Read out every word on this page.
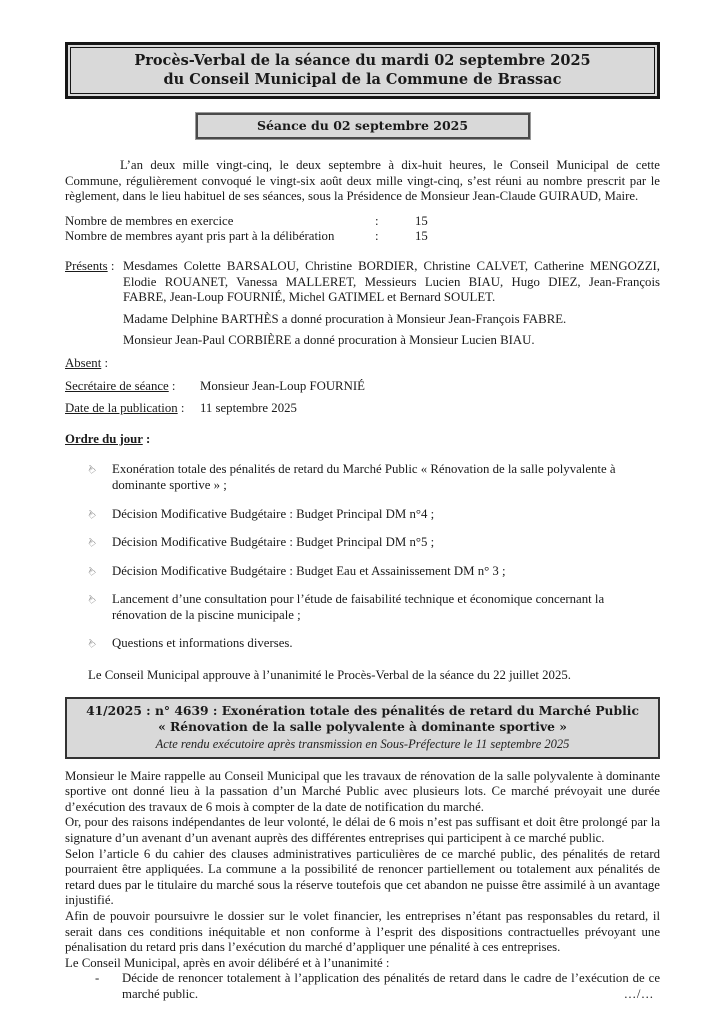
Procès-Verbal de la séance du mardi 02 septembre 2025
du Conseil Municipal de la Commune de Brassac
Séance du 02 septembre 2025

L’an deux mille vingt-cinq, le deux septembre à dix-huit heures, le Conseil Municipal de cette Commune, régulièrement convoqué le vingt-six août deux mille vingt-cinq, s’est réuni au nombre prescrit par le règlement, dans le lieu habituel de ses séances, sous la Présidence de Monsieur Jean-Claude GUIRAUD, Maire.

Nombre de membres en exercice	:	15
Nombre de membres ayant pris part à la délibération	:	15
Présents : Mesdames Colette BARSALOU, Christine BORDIER, Christine CALVET, Catherine MENGOZZI, Elodie ROUANET, Vanessa MALLERET, Messieurs Lucien BIAU, Hugo DIEZ, Jean-François FABRE, Jean-Loup FOURNIÉ, Michel GATIMEL et Bernard SOULET.
Madame Delphine BARTHÈS a donné procuration à Monsieur Jean-François FABRE.
Monsieur Jean-Paul CORBIÈRE a donné procuration à Monsieur Lucien BIAU.
Absent :
Secrétaire de séance :	Monsieur Jean-Loup FOURNIÉ
Date de la publication :	11 septembre 2025
Ordre du jour :
☝	Exonération totale des pénalités de retard du Marché Public « Rénovation de la salle polyvalente à dominante sportive » ;
☝	Décision Modificative Budgétaire : Budget Principal DM n°4 ;
☝	Décision Modificative Budgétaire : Budget Principal DM n°5 ;
☝	Décision Modificative Budgétaire : Budget Eau et Assainissement DM n° 3 ;
☝	Lancement d’une consultation pour l’étude de faisabilité technique et économique concernant la rénovation de la piscine municipale ;
☝	Questions et informations diverses.

Le Conseil Municipal approuve à l’unanimité le Procès-Verbal de la séance du 22 juillet 2025.

41/2025 : n° 4639 : Exonération totale des pénalités de retard du Marché Public
« Rénovation de la salle polyvalente à dominante sportive »
Acte rendu exécutoire après transmission en Sous-Préfecture le 11 septembre 2025

Monsieur le Maire rappelle au Conseil Municipal que les travaux de rénovation de la salle polyvalente à dominante sportive ont donné lieu à la passation d’un Marché Public avec plusieurs lots. Ce marché prévoyait une durée d’exécution des travaux de 6 mois à compter de la date de notification du marché.

Or, pour des raisons indépendantes de leur volonté, le délai de 6 mois n’est pas suffisant et doit être prolongé par la signature d’un avenant d’un avenant auprès des différentes entreprises qui participent à ce marché public.

Selon l’article 6 du cahier des clauses administratives particulières de ce marché public, des pénalités de retard pourraient être appliquées. La commune a la possibilité de renoncer partiellement ou totalement aux pénalités de retard dues par le titulaire du marché sous la réserve toutefois que cet abandon ne puisse être assimilé à un avantage injustifié.

Afin de pouvoir poursuivre le dossier sur le volet financier, les entreprises n’étant pas responsables du retard, il serait dans ces conditions inéquitable et non conforme à l’esprit des dispositions contractuelles prévoyant une pénalisation du retard pris dans l’exécution du marché d’appliquer une pénalité à ces entreprises.

Le Conseil Municipal, après en avoir délibéré et à l’unanimité :

-	Décide de renoncer totalement à l’application des pénalités de retard dans le cadre de l’exécution de ce marché public.	.../...
